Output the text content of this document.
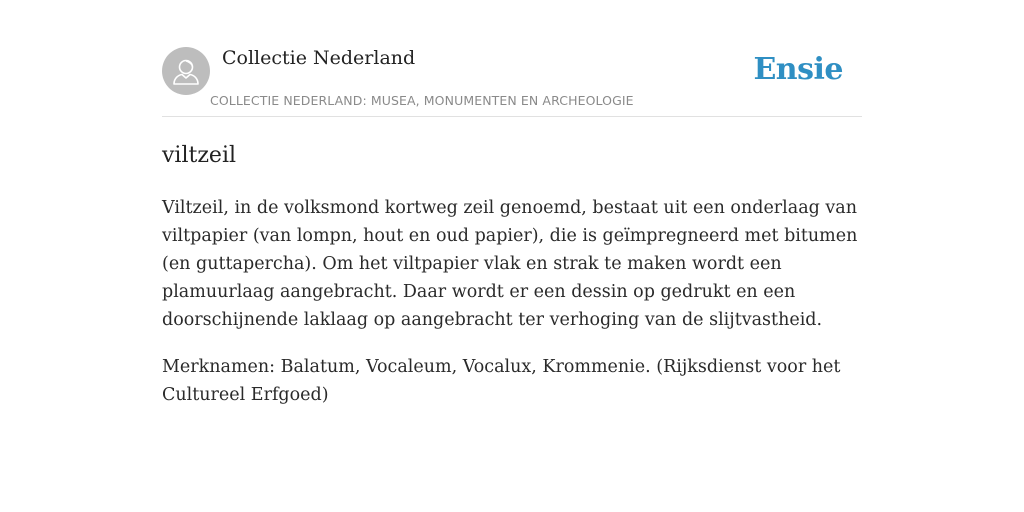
Collectie Nederland
COLLECTIE NEDERLAND: MUSEA, MONUMENTEN EN ARCHEOLOGIE
Ensie
viltzeil

Viltzeil, in de volksmond kortweg zeil genoemd, bestaat uit een onderlaag van viltpapier (van lompn, hout en oud papier), die is geïmpregneerd met bitumen (en guttapercha). Om het viltpapier vlak en strak te maken wordt een plamuurlaag aangebracht. Daar wordt er een dessin op gedrukt en een doorschijnende laklaag op aangebracht ter verhoging van de slijtvastheid.

Merknamen: Balatum, Vocaleum, Vocalux, Krommenie. (Rijksdienst voor het Cultureel Erfgoed)
